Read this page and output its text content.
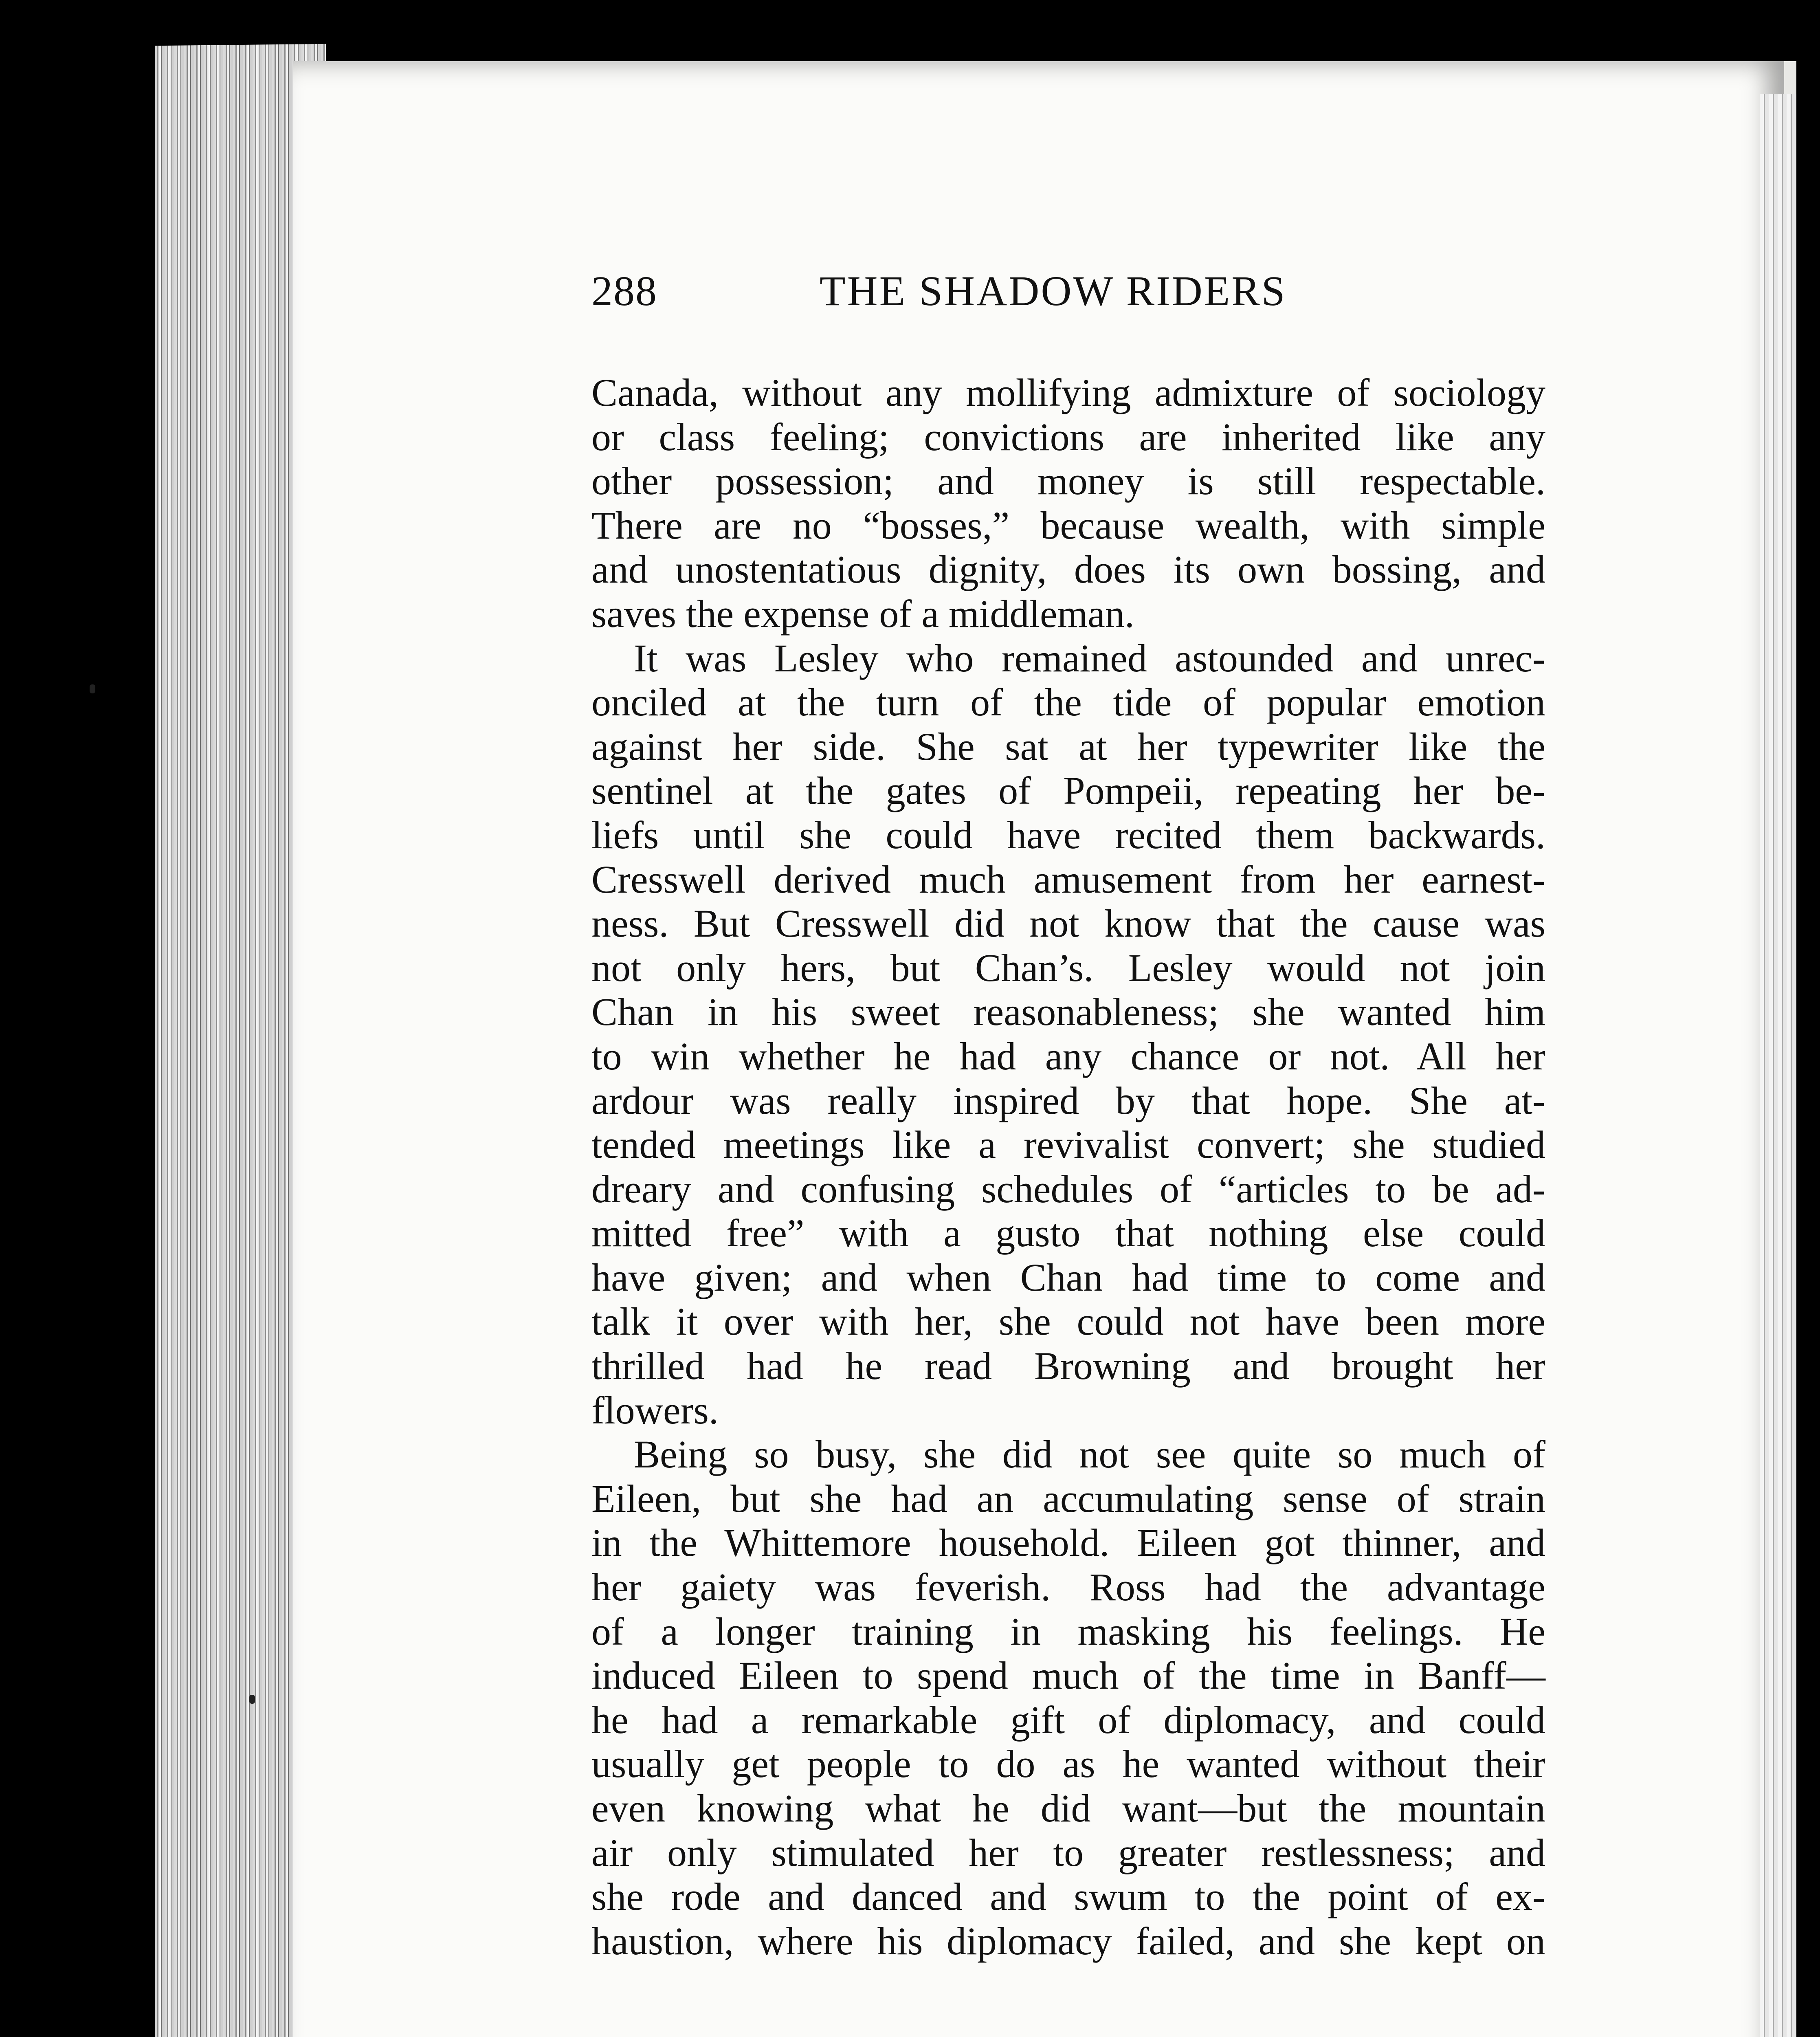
288	THE SHADOW RIDERS
Canada, without any mollifying admixture of sociology
or class feeling; convictions are inherited like any
other possession; and money is still respectable.
There are no “bosses,” because wealth, with simple
and unostentatious dignity, does its own bossing, and
saves the expense of a middleman.
It was Lesley who remained astounded and unrec-
onciled at the turn of the tide of popular emotion
against her side. She sat at her typewriter like the
sentinel at the gates of Pompeii, repeating her be-
liefs until she could have recited them backwards.
Cresswell derived much amusement from her earnest-
ness. But Cresswell did not know that the cause was
not only hers, but Chan’s. Lesley would not join
Chan in his sweet reasonableness; she wanted him
to win whether he had any chance or not. All her
ardour was really inspired by that hope. She at-
tended meetings like a revivalist convert; she studied
dreary and confusing schedules of “articles to be ad-
mitted free” with a gusto that nothing else could
have given; and when Chan had time to come and
talk it over with her, she could not have been more
thrilled had he read Browning and brought her
flowers.
Being so busy, she did not see quite so much of
Eileen, but she had an accumulating sense of strain
in the Whittemore household. Eileen got thinner, and
her gaiety was feverish. Ross had the advantage
of a longer training in masking his feelings. He
induced Eileen to spend much of the time in Banff—
he had a remarkable gift of diplomacy, and could
usually get people to do as he wanted without their
even knowing what he did want—but the mountain
air only stimulated her to greater restlessness; and
she rode and danced and swum to the point of ex-
haustion, where his diplomacy failed, and she kept on
